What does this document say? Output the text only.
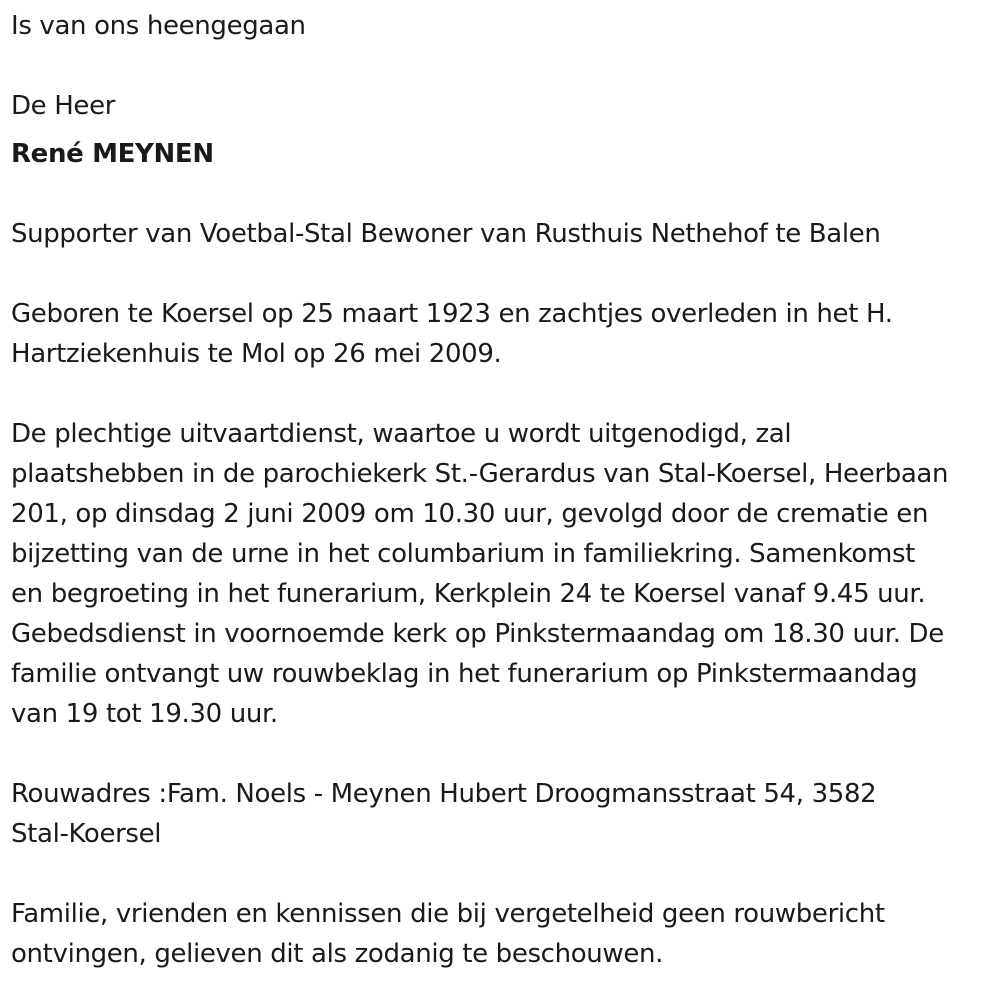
Is van ons heengegaan

De Heer

René MEYNEN

Supporter van Voetbal-Stal Bewoner van Rusthuis Nethehof te Balen

Geboren te Koersel op 25 maart 1923 en zachtjes overleden in het H.

Hartziekenhuis te Mol op 26 mei 2009.

De plechtige uitvaartdienst, waartoe u wordt uitgenodigd, zal

plaatshebben in de parochiekerk St.-Gerardus van Stal-Koersel, Heerbaan

201, op dinsdag 2 juni 2009 om 10.30 uur, gevolgd door de crematie en

bijzetting van de urne in het columbarium in familiekring. Samenkomst

en begroeting in het funerarium, Kerkplein 24 te Koersel vanaf 9.45 uur.

Gebedsdienst in voornoemde kerk op Pinkstermaandag om 18.30 uur. De

familie ontvangt uw rouwbeklag in het funerarium op Pinkstermaandag

van 19 tot 19.30 uur.

Rouwadres :Fam. Noels - Meynen Hubert Droogmansstraat 54, 3582

Stal-Koersel

Familie, vrienden en kennissen die bij vergetelheid geen rouwbericht

ontvingen, gelieven dit als zodanig te beschouwen.
